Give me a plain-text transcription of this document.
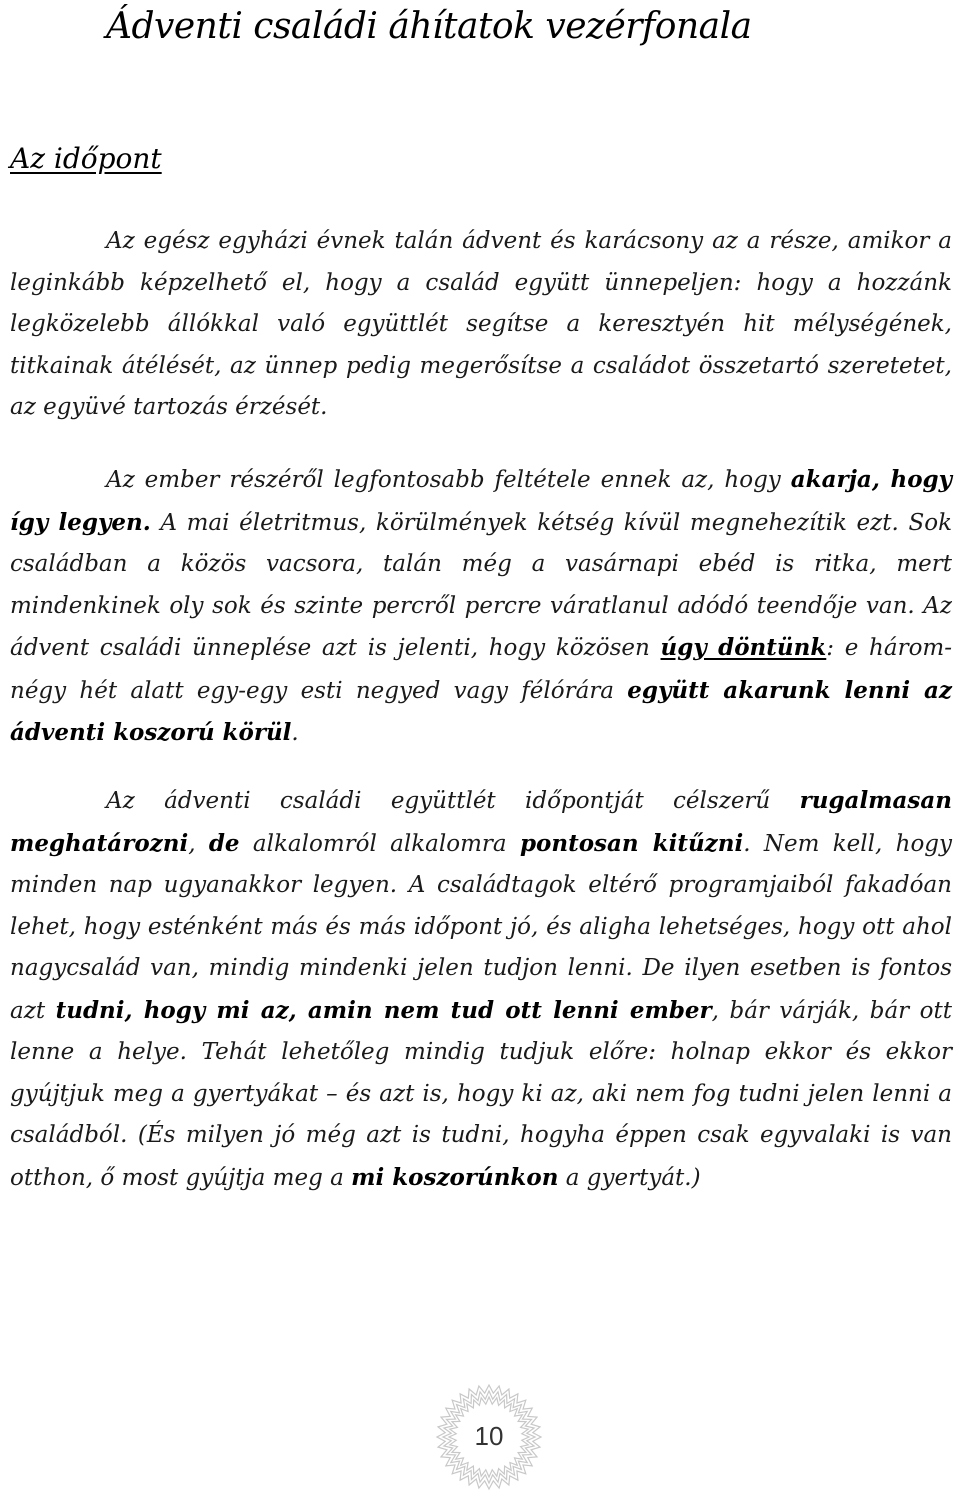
Ádventi családi áhítatok vezérfonala
Az időpont

Az egész egyházi évnek talán ádvent és karácsony az a része, amikor a leginkább képzelhető el, hogy a család együtt ünnepeljen: hogy a hozzánk legközelebb állókkal való együttlét segítse a keresztyén hit mélységének, titkainak átélését, az ünnep pedig megerősítse a családot összetartó szeretetet, az együvé tartozás érzését.

Az ember részéről legfontosabb feltétele ennek az, hogy akarja, hogy így legyen. A mai életritmus, körülmények kétség kívül megnehezítik ezt. Sok családban a közös vacsora, talán még a vasárnapi ebéd is ritka, mert mindenkinek oly sok és szinte percről percre váratlanul adódó teendője van. Az ádvent családi ünneplése azt is jelenti, hogy közösen úgy döntünk: e három-négy hét alatt egy-egy esti negyed vagy félórára együtt akarunk lenni az ádventi koszorú körül.

Az ádventi családi együttlét időpontját célszerű rugalmasan meghatározni, de alkalomról alkalomra pontosan kitűzni. Nem kell, hogy minden nap ugyanakkor legyen. A családtagok eltérő programjaiból fakadóan lehet, hogy esténként más és más időpont jó, és aligha lehetséges, hogy ott ahol nagycsalád van, mindig mindenki jelen tudjon lenni. De ilyen esetben is fontos azt tudni, hogy mi az, amin nem tud ott lenni ember, bár várják, bár ott lenne a helye. Tehát lehetőleg mindig tudjuk előre: holnap ekkor és ekkor gyújtjuk meg a gyertyákat – és azt is, hogy ki az, aki nem fog tudni jelen lenni a családból. (És milyen jó még azt is tudni, hogyha éppen csak egyvalaki is van otthon, ő most gyújtja meg a mi koszorúnkon a gyertyát.)

10
